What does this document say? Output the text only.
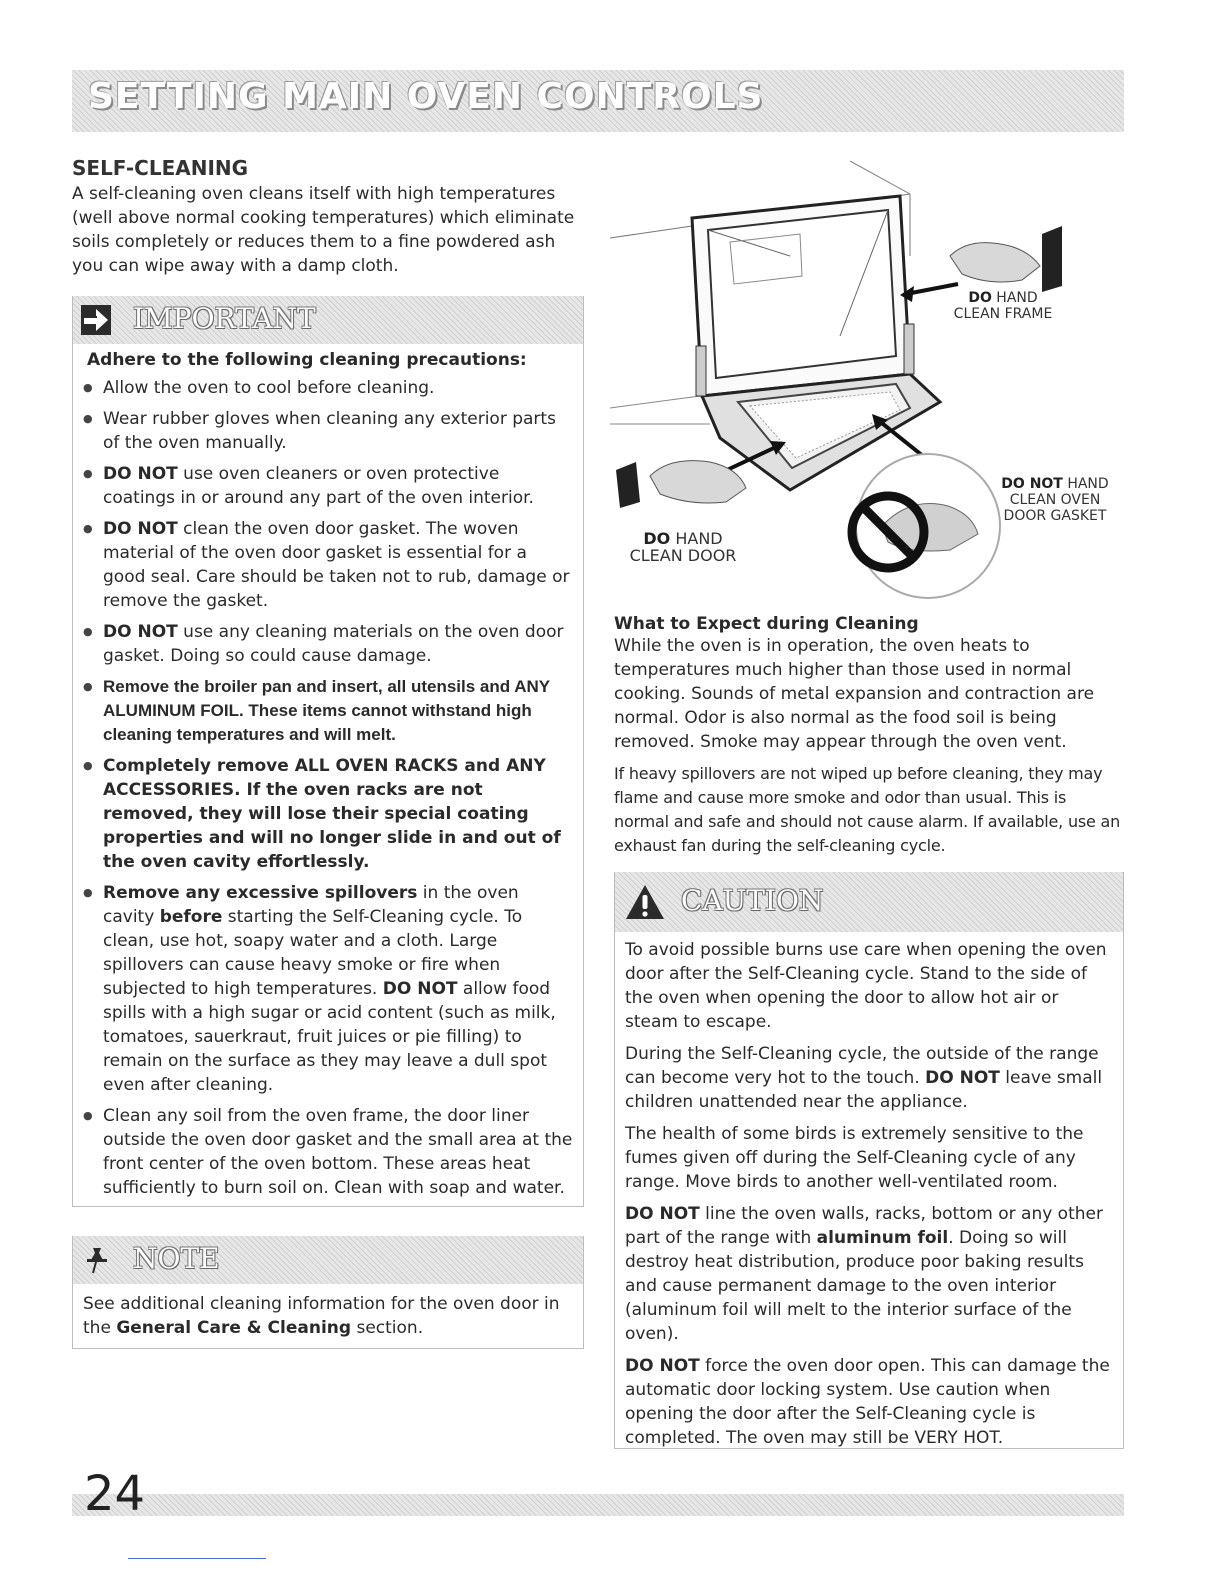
SETTING MAIN OVEN CONTROLS
SELF-CLEANING

A self-cleaning oven cleans itself with high temperatures (well above normal cooking temperatures) which eliminate soils completely or reduces them to a fine powdered ash you can wipe away with a damp cloth.

IMPORTANT

Adhere to the following cleaning precautions:

● Allow the oven to cool before cleaning.
● Wear rubber gloves when cleaning any exterior parts of the oven manually.
● DO NOT use oven cleaners or oven protective coatings in or around any part of the oven interior.
● DO NOT clean the oven door gasket. The woven material of the oven door gasket is essential for a good seal. Care should be taken not to rub, damage or remove the gasket.
● DO NOT use any cleaning materials on the oven door gasket. Doing so could cause damage.
● Remove the broiler pan and insert, all utensils and ANY ALUMINUM FOIL. These items cannot withstand high cleaning temperatures and will melt.
● Completely remove ALL OVEN RACKS and ANY ACCESSORIES. If the oven racks are not removed, they will lose their special coating properties and will no longer slide in and out of the oven cavity effortlessly.
● Remove any excessive spillovers in the oven cavity before starting the Self-Cleaning cycle. To clean, use hot, soapy water and a cloth. Large spillovers can cause heavy smoke or fire when subjected to high temperatures. DO NOT allow food spills with a high sugar or acid content (such as milk, tomatoes, sauerkraut, fruit juices or pie filling) to remain on the surface as they may leave a dull spot even after cleaning.
● Clean any soil from the oven frame, the door liner outside the oven door gasket and the small area at the front center of the oven bottom. These areas heat sufficiently to burn soil on. Clean with soap and water.
NOTE

See additional cleaning information for the oven door in the General Care & Cleaning section.

DO HAND
CLEAN FRAME
DO NOT HAND
CLEAN OVEN
DOOR GASKET
DO HAND
CLEAN DOOR
What to Expect during Cleaning

While the oven is in operation, the oven heats to temperatures much higher than those used in normal cooking. Sounds of metal expansion and contraction are normal. Odor is also normal as the food soil is being removed. Smoke may appear through the oven vent.

If heavy spillovers are not wiped up before cleaning, they may flame and cause more smoke and odor than usual. This is normal and safe and should not cause alarm. If available, use an exhaust fan during the self-cleaning cycle.

CAUTION

To avoid possible burns use care when opening the oven door after the Self-Cleaning cycle. Stand to the side of the oven when opening the door to allow hot air or steam to escape.

During the Self-Cleaning cycle, the outside of the range can become very hot to the touch. DO NOT leave small children unattended near the appliance.

The health of some birds is extremely sensitive to the fumes given off during the Self-Cleaning cycle of any range. Move birds to another well-ventilated room.

DO NOT line the oven walls, racks, bottom or any other part of the range with aluminum foil. Doing so will destroy heat distribution, produce poor baking results and cause permanent damage to the oven interior (aluminum foil will melt to the interior surface of the oven).

DO NOT force the oven door open. This can damage the automatic door locking system. Use caution when opening the door after the Self-Cleaning cycle is completed. The oven may still be VERY HOT.

24
